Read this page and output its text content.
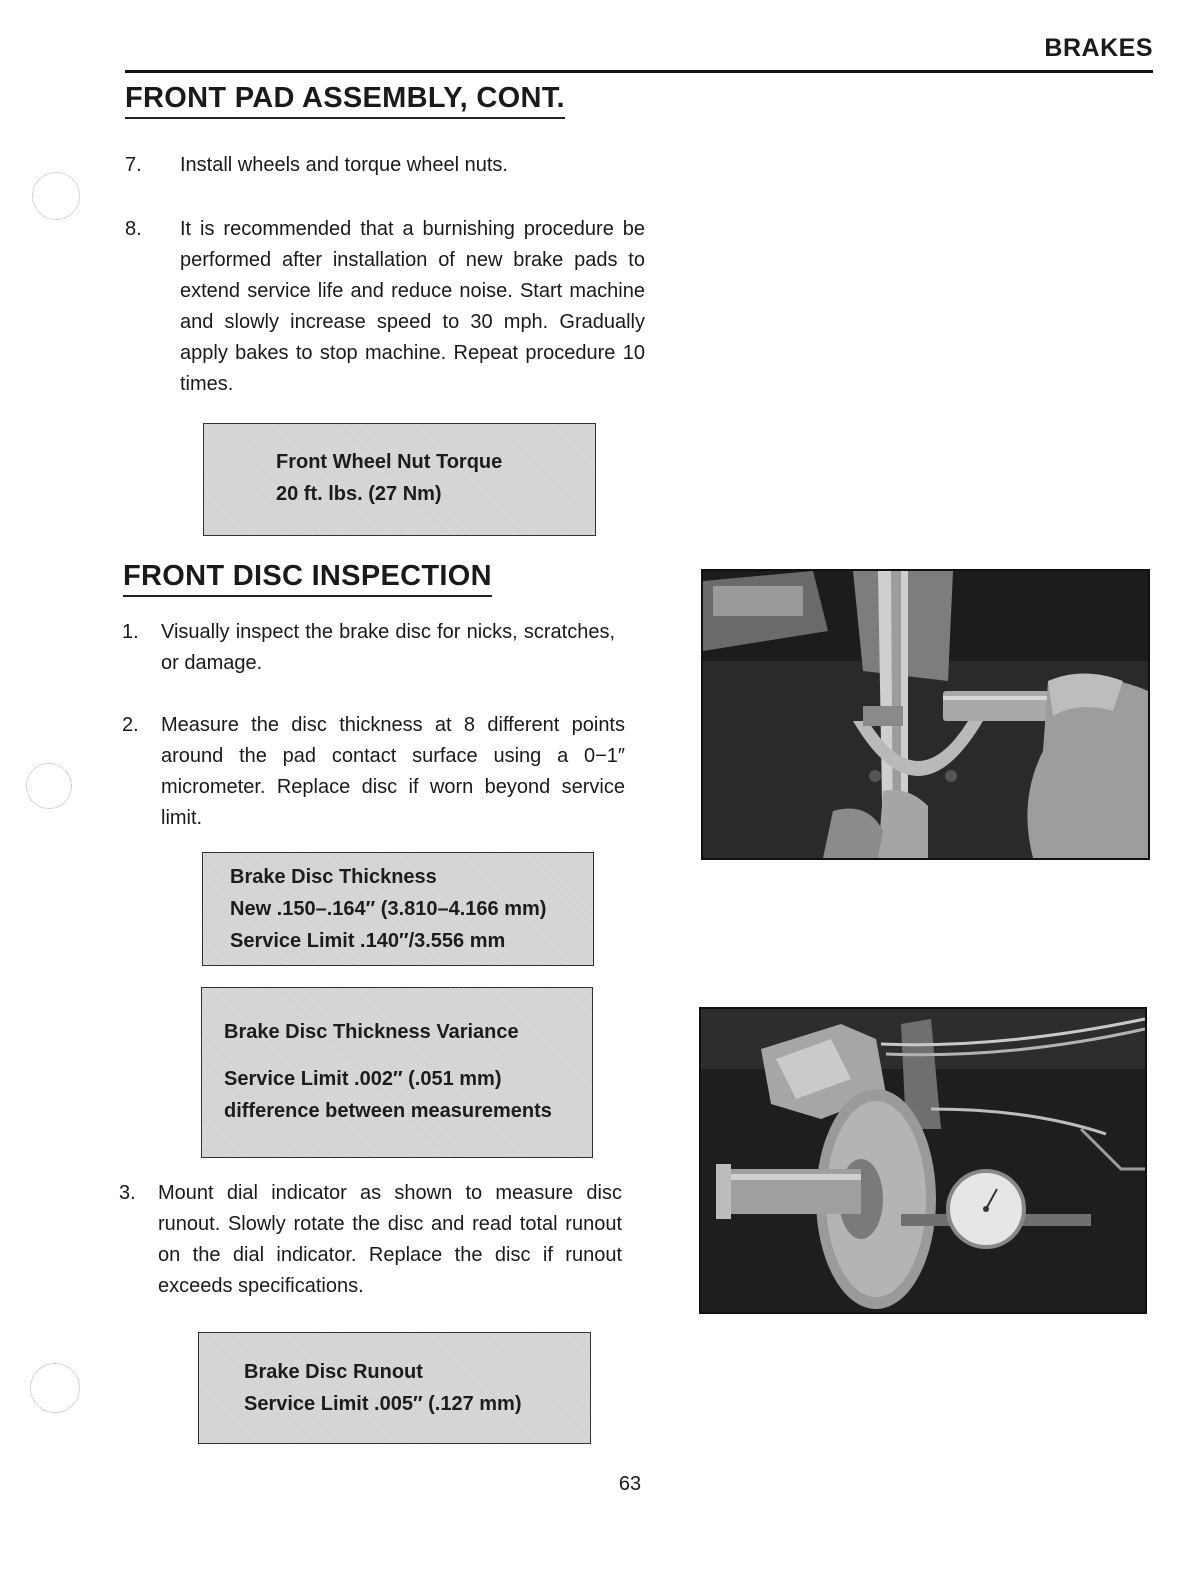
BRAKES
FRONT PAD ASSEMBLY, CONT.
7. Install wheels and torque wheel nuts.
8. It is recommended that a burnishing procedure be performed after installation of new brake pads to extend service life and reduce noise. Start machine and slowly increase speed to 30 mph. Gradually apply bakes to stop machine. Repeat procedure 10 times.
Front Wheel Nut Torque
20 ft. lbs. (27 Nm)
FRONT DISC INSPECTION
1. Visually inspect the brake disc for nicks, scratches, or damage.
2. Measure the disc thickness at 8 different points around the pad contact surface using a 0−1″ micrometer. Replace disc if worn beyond service limit.
Brake Disc Thickness
New .150–.164″ (3.810–4.166 mm)
Service Limit .140″/3.556 mm
Brake Disc Thickness Variance
Service Limit .002″ (.051 mm)
difference between measurements
3. Mount dial indicator as shown to measure disc runout. Slowly rotate the disc and read total runout on the dial indicator. Replace the disc if runout exceeds specifications.
Brake Disc Runout
Service Limit .005″ (.127 mm)
63
